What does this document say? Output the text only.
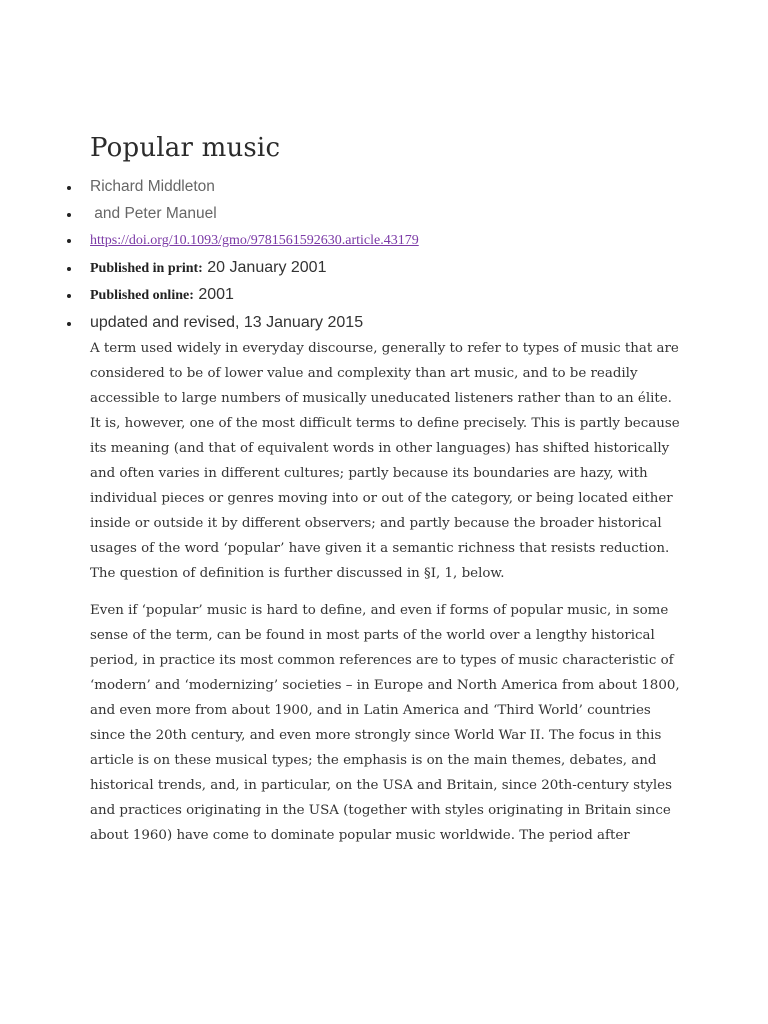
Popular music
Richard Middleton
and Peter Manuel
https://doi.org/10.1093/gmo/9781561592630.article.43179
Published in print: 20 January 2001
Published online: 2001
updated and revised, 13 January 2015

A term used widely in everyday discourse, generally to refer to types of music that are considered to be of lower value and complexity than art music, and to be readily accessible to large numbers of musically uneducated listeners rather than to an élite. It is, however, one of the most difficult terms to define precisely. This is partly because its meaning (and that of equivalent words in other languages) has shifted historically and often varies in different cultures; partly because its boundaries are hazy, with individual pieces or genres moving into or out of the category, or being located either inside or outside it by different observers; and partly because the broader historical usages of the word ‘popular’ have given it a semantic richness that resists reduction. The question of definition is further discussed in §I, 1, below.

Even if ‘popular’ music is hard to define, and even if forms of popular music, in some sense of the term, can be found in most parts of the world over a lengthy historical period, in practice its most common references are to types of music characteristic of ‘modern’ and ‘modernizing’ societies – in Europe and North America from about 1800, and even more from about 1900, and in Latin America and ‘Third World’ countries since the 20th century, and even more strongly since World War II. The focus in this article is on these musical types; the emphasis is on the main themes, debates, and historical trends, and, in particular, on the USA and Britain, since 20th-century styles and practices originating in the USA (together with styles originating in Britain since about 1960) have come to dominate popular music worldwide. The period after
